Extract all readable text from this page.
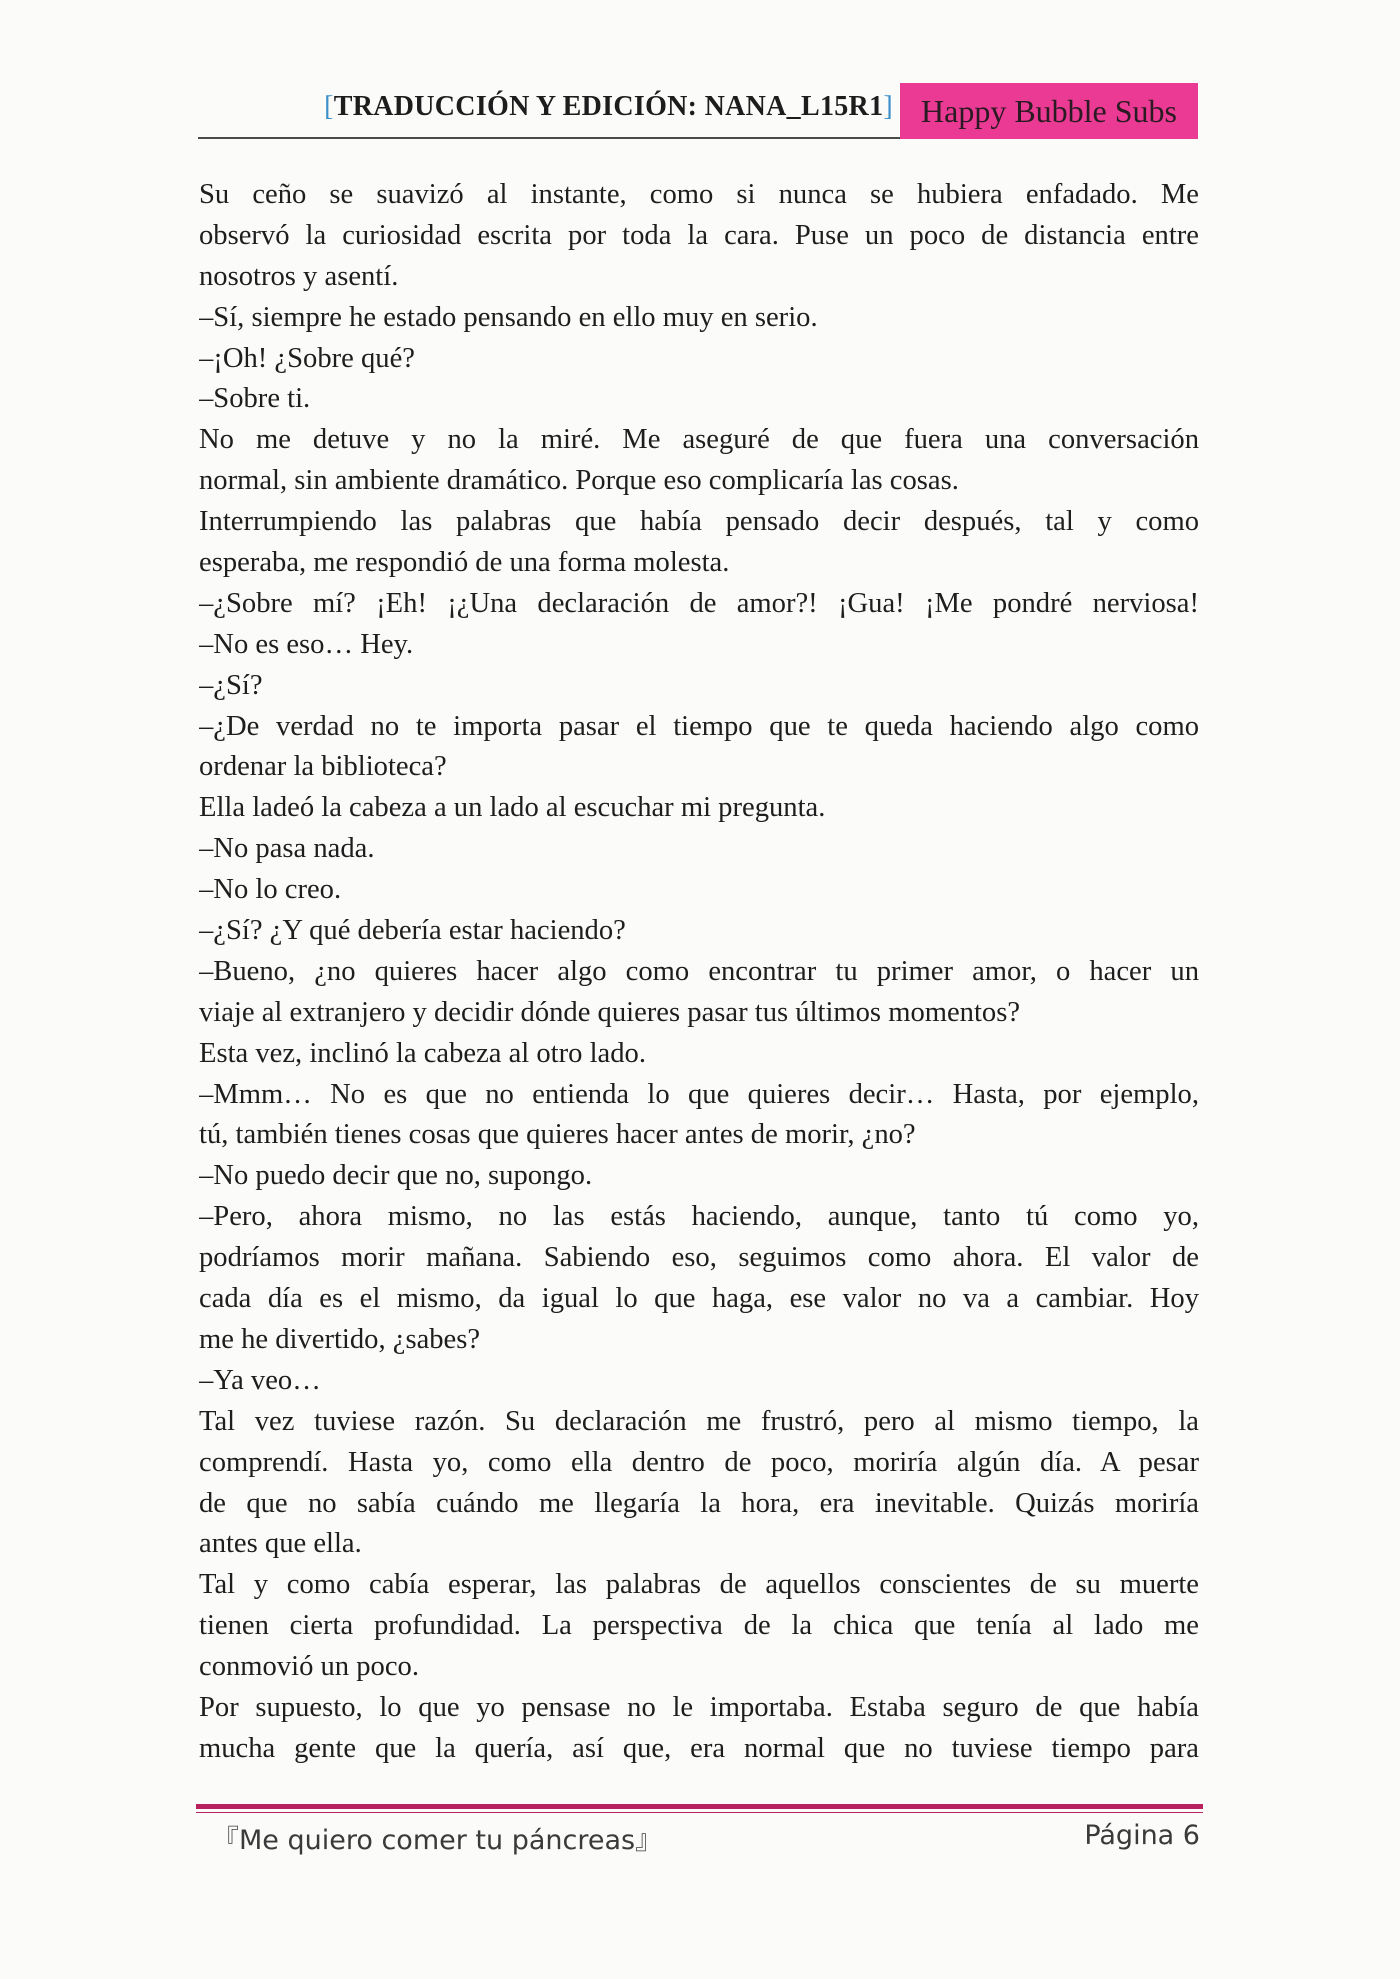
[TRADUCCIÓN Y EDICIÓN: NANA_L15R1] Happy Bubble Subs
Su ceño se suavizó al instante, como si nunca se hubiera enfadado. Me
observó la curiosidad escrita por toda la cara. Puse un poco de distancia entre
nosotros y asentí.
–Sí, siempre he estado pensando en ello muy en serio.
–¡Oh! ¿Sobre qué?
–Sobre ti.
No me detuve y no la miré. Me aseguré de que fuera una conversación
normal, sin ambiente dramático. Porque eso complicaría las cosas.
Interrumpiendo las palabras que había pensado decir después, tal y como
esperaba, me respondió de una forma molesta.
–¿Sobre mí? ¡Eh! ¡¿Una declaración de amor?! ¡Gua! ¡Me pondré nerviosa!
–No es eso… Hey.
–¿Sí?
–¿De verdad no te importa pasar el tiempo que te queda haciendo algo como
ordenar la biblioteca?
Ella ladeó la cabeza a un lado al escuchar mi pregunta.
–No pasa nada.
–No lo creo.
–¿Sí? ¿Y qué debería estar haciendo?
–Bueno, ¿no quieres hacer algo como encontrar tu primer amor, o hacer un
viaje al extranjero y decidir dónde quieres pasar tus últimos momentos?
Esta vez, inclinó la cabeza al otro lado.
–Mmm… No es que no entienda lo que quieres decir… Hasta, por ejemplo,
tú, también tienes cosas que quieres hacer antes de morir, ¿no?
–No puedo decir que no, supongo.
–Pero, ahora mismo, no las estás haciendo, aunque, tanto tú como yo,
podríamos morir mañana. Sabiendo eso, seguimos como ahora. El valor de
cada día es el mismo, da igual lo que haga, ese valor no va a cambiar. Hoy
me he divertido, ¿sabes?
–Ya veo…
Tal vez tuviese razón. Su declaración me frustró, pero al mismo tiempo, la
comprendí. Hasta yo, como ella dentro de poco, moriría algún día. A pesar
de que no sabía cuándo me llegaría la hora, era inevitable. Quizás moriría
antes que ella.
Tal y como cabía esperar, las palabras de aquellos conscientes de su muerte
tienen cierta profundidad. La perspectiva de la chica que tenía al lado me
conmovió un poco.
Por supuesto, lo que yo pensase no le importaba. Estaba seguro de que había
mucha gente que la quería, así que, era normal que no tuviese tiempo para
『Me quiero comer tu páncreas』	Página 6
